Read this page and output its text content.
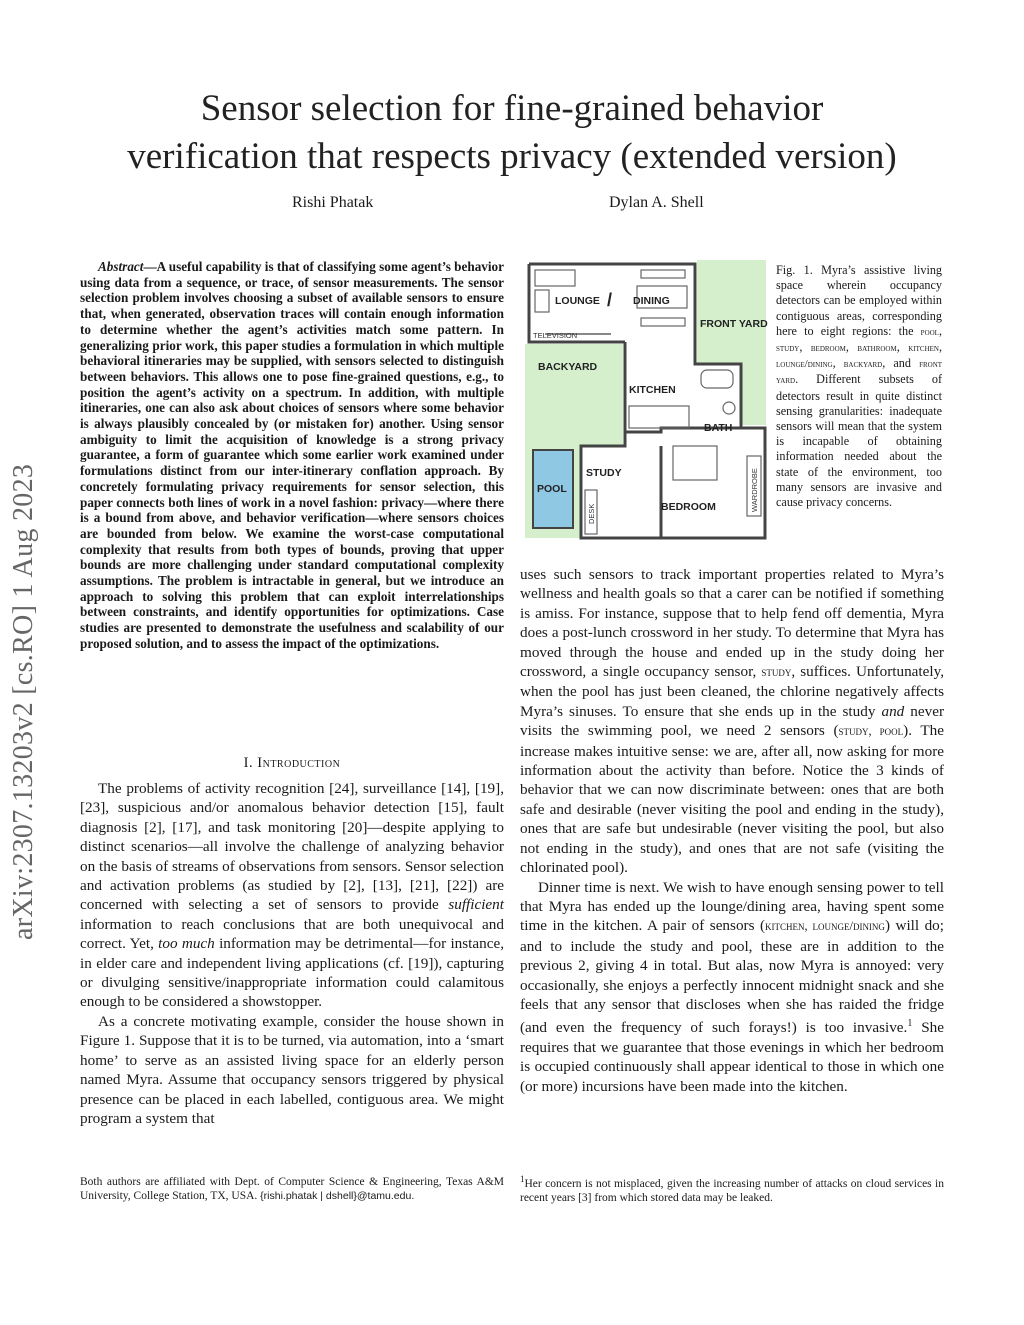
Sensor selection for fine-grained behavior
verification that respects privacy (extended version)
Rishi Phatak	Dylan A. Shell
arXiv:2307.13203v2 [cs.RO] 1 Aug 2023

Abstract—A useful capability is that of classifying some agent’s behavior using data from a sequence, or trace, of sensor measurements. The sensor selection problem involves choosing a subset of available sensors to ensure that, when generated, observation traces will contain enough information to determine whether the agent’s activities match some pattern. In generalizing prior work, this paper studies a formulation in which multiple behavioral itineraries may be supplied, with sensors selected to distinguish between behaviors. This allows one to pose fine-grained questions, e.g., to position the agent’s activity on a spectrum. In addition, with multiple itineraries, one can also ask about choices of sensors where some behavior is always plausibly concealed by (or mistaken for) another. Using sensor ambiguity to limit the acquisition of knowledge is a strong privacy guarantee, a form of guarantee which some earlier work examined under formulations distinct from our inter-itinerary conflation approach. By concretely formulating privacy requirements for sensor selection, this paper connects both lines of work in a novel fashion: privacy—where there is a bound from above, and behavior verification—where sensors choices are bounded from below. We examine the worst-case computational complexity that results from both types of bounds, proving that upper bounds are more challenging under standard computational complexity assumptions. The problem is intractable in general, but we introduce an approach to solving this problem that can exploit interrelationships between constraints, and identify opportunities for optimizations. Case studies are presented to demonstrate the usefulness and scalability of our proposed solution, and to assess the impact of the optimizations.

I. Introduction

The problems of activity recognition [24], surveillance [14], [19], [23], suspicious and/or anomalous behavior detection [15], fault diagnosis [2], [17], and task monitoring [20]—despite applying to distinct scenarios—all involve the challenge of analyzing behavior on the basis of streams of observations from sensors. Sensor selection and activation problems (as studied by [2], [13], [21], [22]) are concerned with selecting a set of sensors to provide sufficient information to reach conclusions that are both unequivocal and correct. Yet, too much information may be detrimental—for instance, in elder care and independent living applications (cf. [19]), capturing or divulging sensitive/inappropriate information could calamitous enough to be considered a showstopper.

As a concrete motivating example, consider the house shown in Figure 1. Suppose that it is to be turned, via automation, into a ‘smart home’ to serve as an assisted living space for an elderly person named Myra. Assume that occupancy sensors triggered by physical presence can be placed in each labelled, contiguous area. We might program a system that

Both authors are affiliated with Dept. of Computer Science & Engineering, Texas A&M University, College Station, TX, USA. {rishi.phatak | dshell}@tamu.edu.

LOUNGE / DINING
TELEVISION
FRONT YARD
BACKYARD
KITCHEN
BATH
STUDY
POOL
DESK	BEDROOM	WARDROBE
Fig. 1. Myra’s assistive living space wherein occupancy detectors can be employed within contiguous areas, corresponding here to eight regions: the pool, study, bedroom, bathroom, kitchen, lounge/dining, backyard, and front yard. Different subsets of detectors result in quite distinct sensing granularities: inadequate sensors will mean that the system is incapable of obtaining information needed about the state of the environment, too many sensors are invasive and cause privacy concerns.

uses such sensors to track important properties related to Myra’s wellness and health goals so that a carer can be notified if something is amiss. For instance, suppose that to help fend off dementia, Myra does a post-lunch crossword in her study. To determine that Myra has moved through the house and ended up in the study doing her crossword, a single occupancy sensor, study, suffices. Unfortunately, when the pool has just been cleaned, the chlorine negatively affects Myra’s sinuses. To ensure that she ends up in the study and never visits the swimming pool, we need 2 sensors (study, pool). The increase makes intuitive sense: we are, after all, now asking for more information about the activity than before. Notice the 3 kinds of behavior that we can now discriminate between: ones that are both safe and desirable (never visiting the pool and ending in the study), ones that are safe but undesirable (never visiting the pool, but also not ending in the study), and ones that are not safe (visiting the chlorinated pool).

Dinner time is next. We wish to have enough sensing power to tell that Myra has ended up the lounge/dining area, having spent some time in the kitchen. A pair of sensors (kitchen, lounge/dining) will do; and to include the study and pool, these are in addition to the previous 2, giving 4 in total. But alas, now Myra is annoyed: very occasionally, she enjoys a perfectly innocent midnight snack and she feels that any sensor that discloses when she has raided the fridge (and even the frequency of such forays!) is too invasive.$^1$ She requires that we guarantee that those evenings in which her bedroom is occupied continuously shall appear identical to those in which one (or more) incursions have been made into the kitchen.

$^1$Her concern is not misplaced, given the increasing number of attacks on cloud services in recent years [3] from which stored data may be leaked.
